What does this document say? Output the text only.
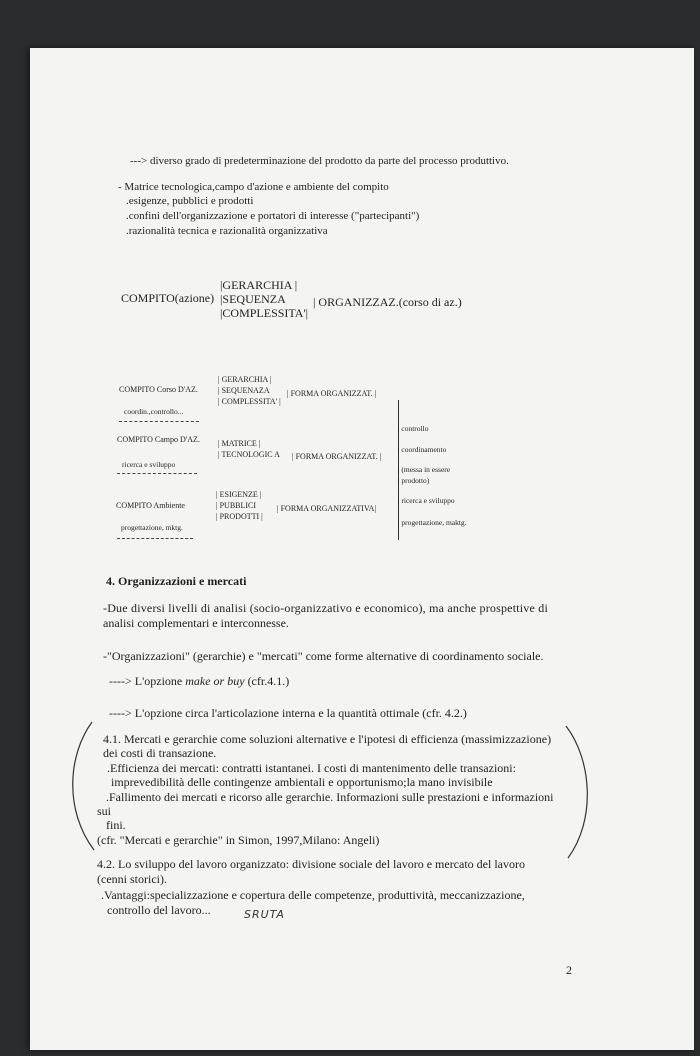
---> diverso grado di predeterminazione del prodotto da parte del processo produttivo.
- Matrice tecnologica,campo d'azione e ambiente del compito
.esigenze, pubblici e prodotti
.confini dell'organizzazione e portatori di interesse ("partecipanti")
.razionalità tecnica e razionalità organizzativa
COMPITO(azione)
|GERARCHIA |
|SEQUENZA
|COMPLESSITA'|
| ORGANIZZAZ.(corso di az.)
COMPITO Corso D'AZ.
| GERARCHIA |
| SEQUENAZA
| COMPLESSITA' |
| FORMA ORGANIZZAT. |
coordin.,controllo...
COMPITO Campo D'AZ. | MATRICE |
| TECNOLOGIC A | FORMA ORGANIZZAT. |
ricerca e sviluppo
COMPITO Ambiente
| ESIGENZE |
| PUBBLICI
| PRODOTTI |
| FORMA ORGANIZZATIVA|
progettazione, mktg.
| controllo
| coordinamento
| (messa in essere
| prodotto)
| ricerca e sviluppo
| progettazione, maktg.
4. Organizzazioni e mercati
-Due diversi livelli di analisi (socio-organizzativo e economico), ma anche prospettive di
analisi complementari e interconnesse.
-"Organizzazioni" (gerarchie) e "mercati" come forme alternative di coordinamento sociale.
----> L'opzione make or buy (cfr.4.1.)
----> L'opzione circa l'articolazione interna e la quantità ottimale (cfr. 4.2.)
4.1. Mercati e gerarchie come soluzioni alternative e l'ipotesi di efficienza (massimizzazione)
dei costi di transazione.
.Efficienza dei mercati: contratti istantanei. I costi di mantenimento delle transazioni:
imprevedibilità delle contingenze ambientali e opportunismo;la mano invisibile
.Fallimento dei mercati e ricorso alle gerarchie. Informazioni sulle prestazioni e informazioni
sui
fini.
(cfr. "Mercati e gerarchie" in Simon, 1997,Milano: Angeli)
4.2. Lo sviluppo del lavoro organizzato: divisione sociale del lavoro e mercato del lavoro
(cenni storici).
.Vantaggi:specializzazione e copertura delle competenze, produttività, meccanizzazione,
controllo del lavoro...	SRUTA
2
